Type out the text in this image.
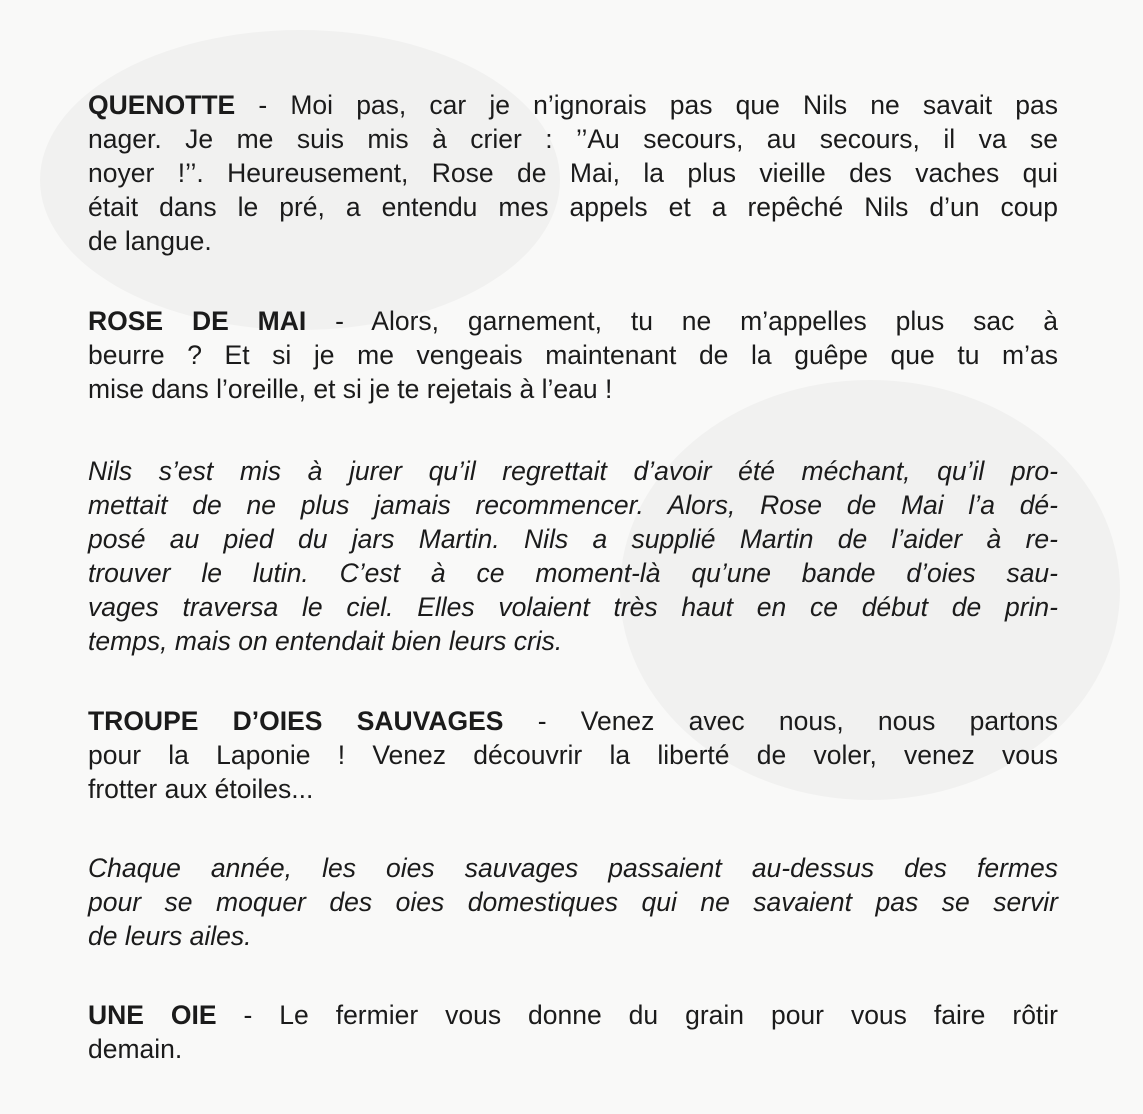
QUENOTTE - Moi pas, car je n’ignorais pas que Nils ne savait pas
nager. Je me suis mis à crier : ’’Au secours, au secours, il va se
noyer !’’. Heureusement, Rose de Mai, la plus vieille des vaches qui
était dans le pré, a entendu mes appels et a repêché Nils d’un coup
de langue.
ROSE DE MAI - Alors, garnement, tu ne m’appelles plus sac à
beurre ? Et si je me vengeais maintenant de la guêpe que tu m’as
mise dans l’oreille, et si je te rejetais à l’eau !
Nils s’est mis à jurer qu’il regrettait d’avoir été méchant, qu’il pro-
mettait de ne plus jamais recommencer. Alors, Rose de Mai l’a dé-
posé au pied du jars Martin. Nils a supplié Martin de l’aider à re-
trouver le lutin. C’est à ce moment-là qu’une bande d’oies sau-
vages traversa le ciel. Elles volaient très haut en ce début de prin-
temps, mais on entendait bien leurs cris.
TROUPE D’OIES SAUVAGES - Venez avec nous, nous partons
pour la Laponie ! Venez découvrir la liberté de voler, venez vous
frotter aux étoiles...
Chaque année, les oies sauvages passaient au-dessus des fermes
pour se moquer des oies domestiques qui ne savaient pas se servir
de leurs ailes.
UNE OIE - Le fermier vous donne du grain pour vous faire rôtir
demain.
